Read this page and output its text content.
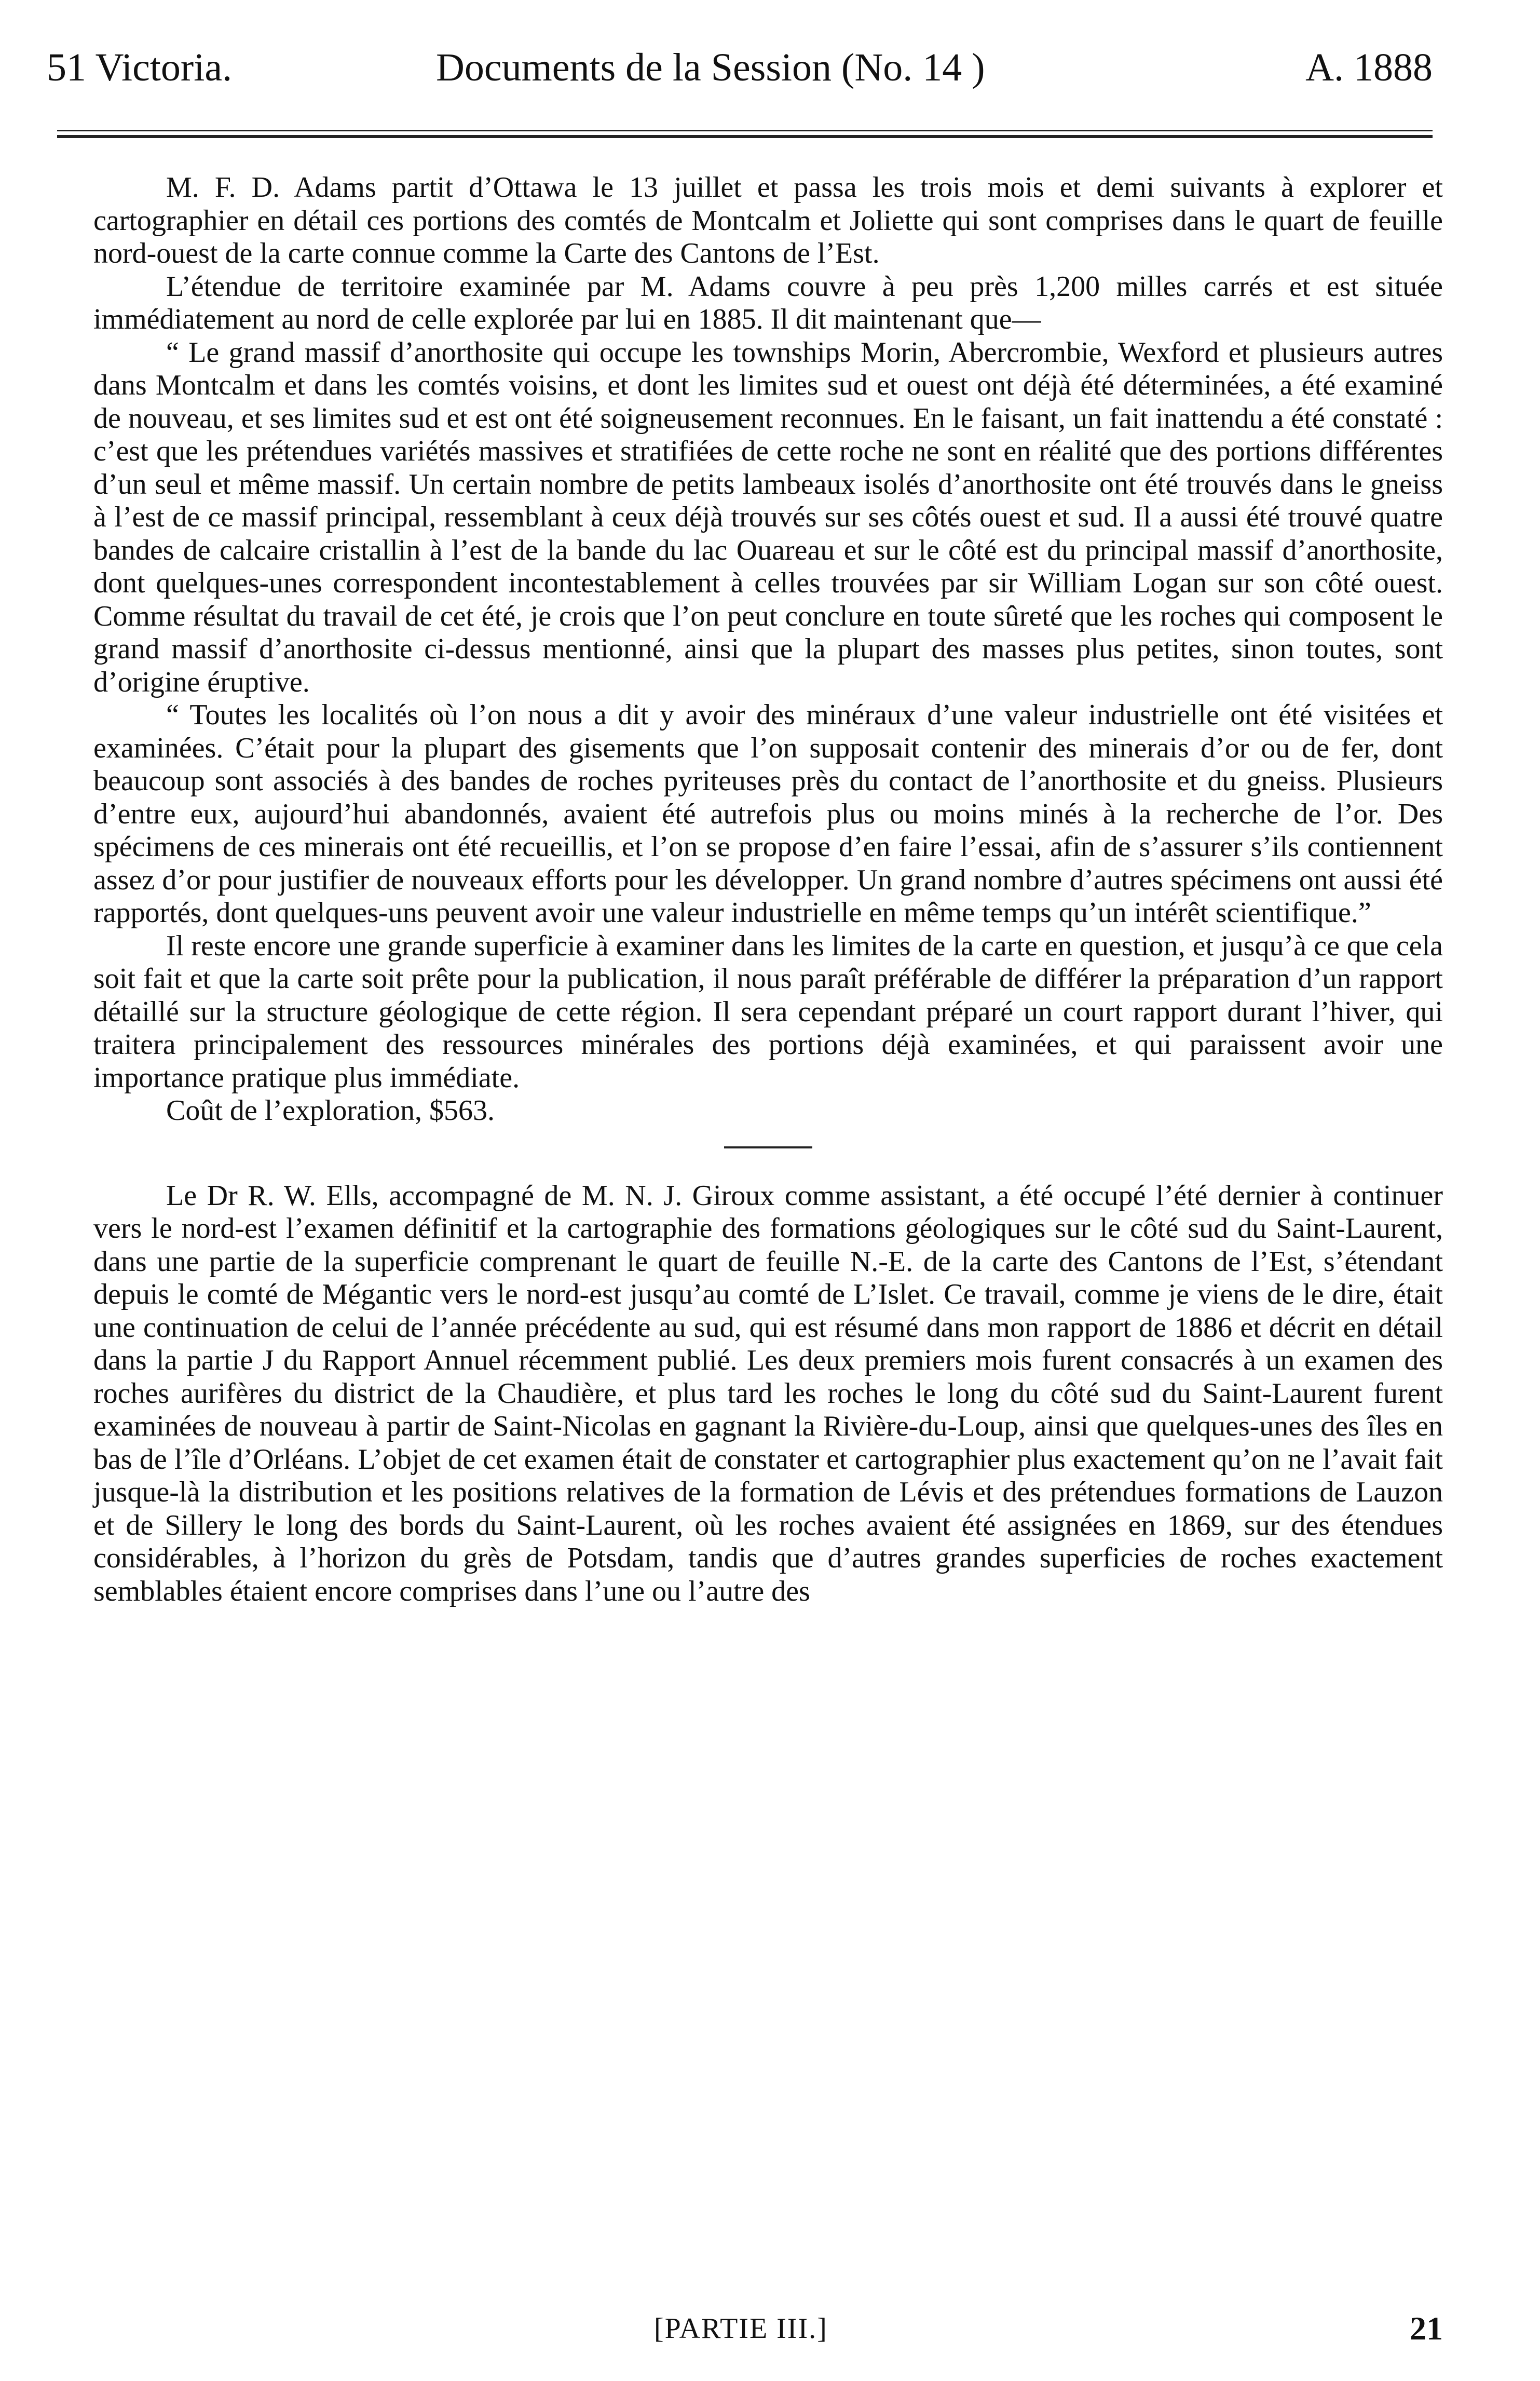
51 Victoria.	Documents de la Session (No. 14 )	A. 1888

M. F. D. Adams partit d’Ottawa le 13 juillet et passa les trois mois et demi suivants à explorer et cartographier en détail ces portions des comtés de Montcalm et Joliette qui sont comprises dans le quart de feuille nord-ouest de la carte connue comme la Carte des Cantons de l’Est.

L’étendue de territoire examinée par M. Adams couvre à peu près 1,200 milles carrés et est située immédiatement au nord de celle explorée par lui en 1885. Il dit maintenant que—

“ Le grand massif d’anorthosite qui occupe les townships Morin, Abercrombie, Wexford et plusieurs autres dans Montcalm et dans les comtés voisins, et dont les limites sud et ouest ont déjà été déterminées, a été examiné de nouveau, et ses limites sud et est ont été soigneusement reconnues. En le faisant, un fait inattendu a été constaté : c’est que les prétendues variétés massives et stratifiées de cette roche ne sont en réalité que des portions différentes d’un seul et même massif. Un certain nombre de petits lambeaux isolés d’anorthosite ont été trouvés dans le gneiss à l’est de ce massif principal, ressemblant à ceux déjà trouvés sur ses côtés ouest et sud. Il a aussi été trouvé quatre bandes de calcaire cristallin à l’est de la bande du lac Ouareau et sur le côté est du principal massif d’anorthosite, dont quelques-unes correspondent incontestablement à celles trouvées par sir William Logan sur son côté ouest. Comme résultat du travail de cet été, je crois que l’on peut conclure en toute sûreté que les roches qui composent le grand massif d’anorthosite ci-dessus mentionné, ainsi que la plupart des masses plus petites, sinon toutes, sont d’origine éruptive.

“ Toutes les localités où l’on nous a dit y avoir des minéraux d’une valeur industrielle ont été visitées et examinées. C’était pour la plupart des gisements que l’on supposait contenir des minerais d’or ou de fer, dont beaucoup sont associés à des bandes de roches pyriteuses près du contact de l’anorthosite et du gneiss. Plusieurs d’entre eux, aujourd’hui abandonnés, avaient été autrefois plus ou moins minés à la recherche de l’or. Des spécimens de ces minerais ont été recueillis, et l’on se propose d’en faire l’essai, afin de s’assurer s’ils contiennent assez d’or pour justifier de nouveaux efforts pour les développer. Un grand nombre d’autres spécimens ont aussi été rapportés, dont quelques-uns peuvent avoir une valeur industrielle en même temps qu’un intérêt scientifique.”

Il reste encore une grande superficie à examiner dans les limites de la carte en question, et jusqu’à ce que cela soit fait et que la carte soit prête pour la publication, il nous paraît préférable de différer la préparation d’un rapport détaillé sur la structure géologique de cette région. Il sera cependant préparé un court rapport durant l’hiver, qui traitera principalement des ressources minérales des portions déjà examinées, et qui paraissent avoir une importance pratique plus immédiate.

Coût de l’exploration, $563.

Le Dr R. W. Ells, accompagné de M. N. J. Giroux comme assistant, a été occupé l’été dernier à continuer vers le nord-est l’examen définitif et la cartographie des formations géologiques sur le côté sud du Saint-Laurent, dans une partie de la superficie comprenant le quart de feuille N.-E. de la carte des Cantons de l’Est, s’étendant depuis le comté de Mégantic vers le nord-est jusqu’au comté de L’Islet. Ce travail, comme je viens de le dire, était une continuation de celui de l’année précédente au sud, qui est résumé dans mon rapport de 1886 et décrit en détail dans la partie J du Rapport Annuel récemment publié. Les deux premiers mois furent consacrés à un examen des roches aurifères du district de la Chaudière, et plus tard les roches le long du côté sud du Saint-Laurent furent examinées de nouveau à partir de Saint-Nicolas en gagnant la Rivière-du-Loup, ainsi que quelques-unes des îles en bas de l’île d’Orléans. L’objet de cet examen était de constater et cartographier plus exactement qu’on ne l’avait fait jusque-là la distribution et les positions relatives de la formation de Lévis et des prétendues formations de Lauzon et de Sillery le long des bords du Saint-Laurent, où les roches avaient été assignées en 1869, sur des étendues considérables, à l’horizon du grès de Potsdam, tandis que d’autres grandes superficies de roches exactement semblables étaient encore comprises dans l’une ou l’autre des

[PARTIE III.]	21
